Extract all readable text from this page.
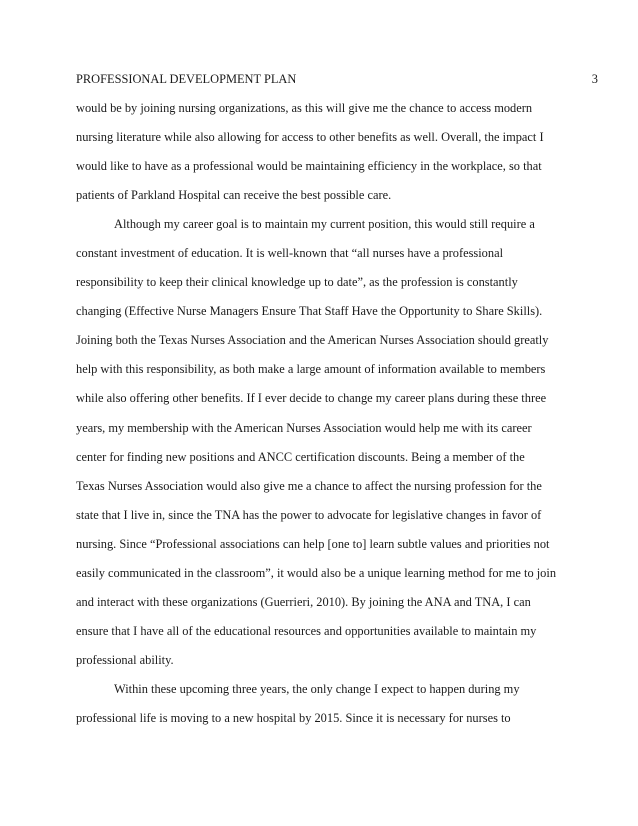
PROFESSIONAL DEVELOPMENT PLAN	3
would be by joining nursing organizations, as this will give me the chance to access modern
nursing literature while also allowing for access to other benefits as well. Overall, the impact I
would like to have as a professional would be maintaining efficiency in the workplace, so that
patients of Parkland Hospital can receive the best possible care.
Although my career goal is to maintain my current position, this would still require a
constant investment of education. It is well-known that “all nurses have a professional
responsibility to keep their clinical knowledge up to date”, as the profession is constantly
changing (Effective Nurse Managers Ensure That Staff Have the Opportunity to Share Skills).
Joining both the Texas Nurses Association and the American Nurses Association should greatly
help with this responsibility, as both make a large amount of information available to members
while also offering other benefits. If I ever decide to change my career plans during these three
years, my membership with the American Nurses Association would help me with its career
center for finding new positions and ANCC certification discounts. Being a member of the
Texas Nurses Association would also give me a chance to affect the nursing profession for the
state that I live in, since the TNA has the power to advocate for legislative changes in favor of
nursing. Since “Professional associations can help [one to] learn subtle values and priorities not
easily communicated in the classroom”, it would also be a unique learning method for me to join
and interact with these organizations (Guerrieri, 2010). By joining the ANA and TNA, I can
ensure that I have all of the educational resources and opportunities available to maintain my
professional ability.
Within these upcoming three years, the only change I expect to happen during my
professional life is moving to a new hospital by 2015. Since it is necessary for nurses to
